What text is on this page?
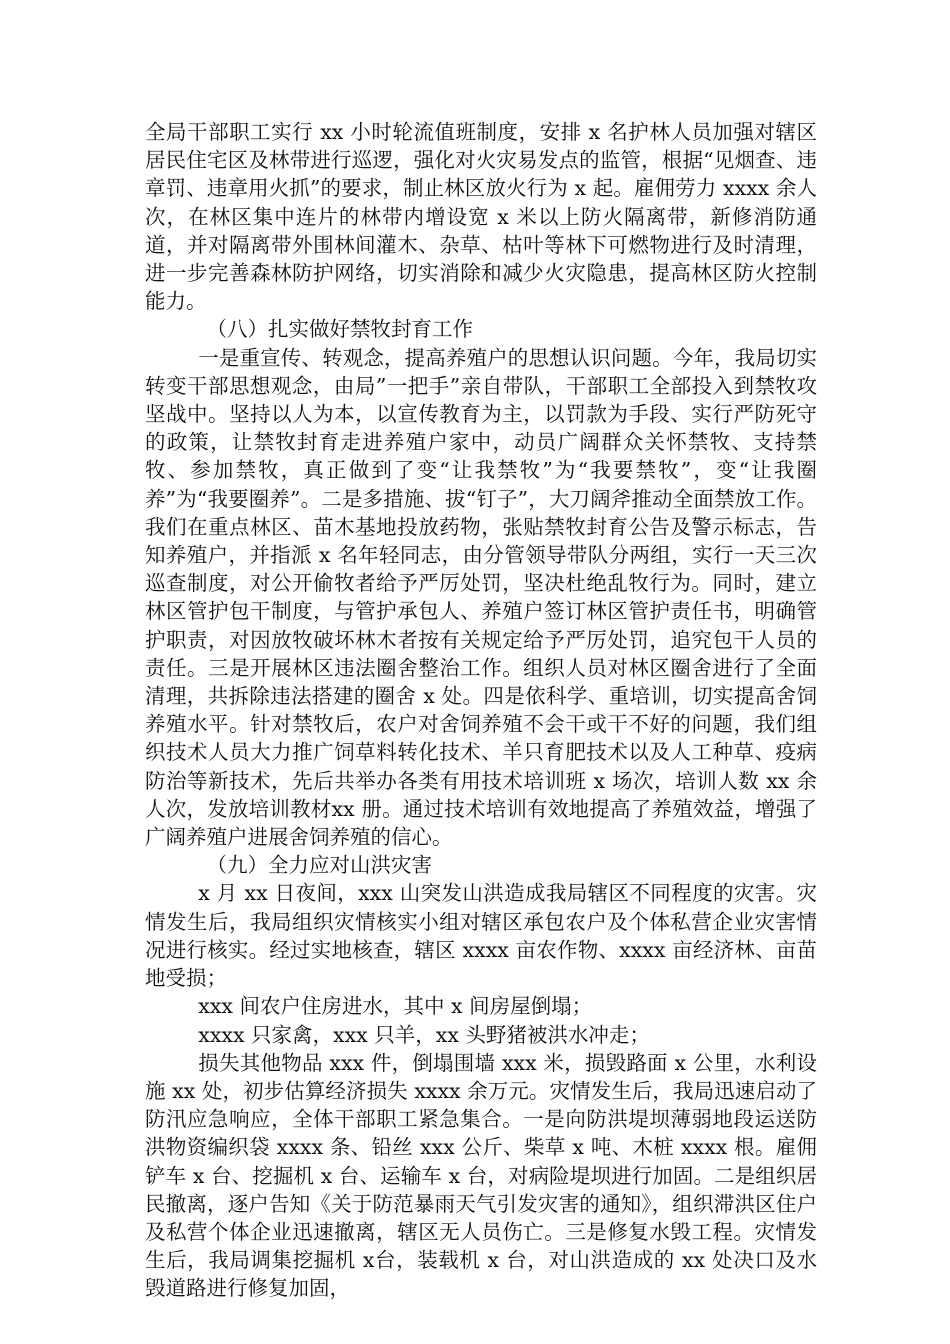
全局干部职工实行 xx 小时轮流值班制度，安排 x 名护林人员加强对辖区居民住宅区及林带进行巡逻，强化对火灾易发点的监管，根据“见烟查、违章罚、违章用火抓”的要求，制止林区放火行为 x 起。雇佣劳力 xxxx 余人次，在林区集中连片的林带内增设宽 x 米以上防火隔离带，新修消防通道，并对隔离带外围林间灌木、杂草、枯叶等林下可燃物进行及时清理，进一步完善森林防护网络，切实消除和减少火灾隐患，提高林区防火控制能力。

（八）扎实做好禁牧封育工作

一是重宣传、转观念，提高养殖户的思想认识问题。今年，我局切实转变干部思想观念，由局”一把手”亲自带队，干部职工全部投入到禁牧攻坚战中。坚持以人为本，以宣传教育为主，以罚款为手段、实行严防死守的政策，让禁牧封育走进养殖户家中，动员广阔群众关怀禁牧、支持禁牧、参加禁牧，真正做到了变“让我禁牧”为“我要禁牧”，变“让我圈养”为“我要圈养”。二是多措施、拔“钉子”，大刀阔斧推动全面禁放工作。我们在重点林区、苗木基地投放药物，张贴禁牧封育公告及警示标志，告知养殖户，并指派 x 名年轻同志，由分管领导带队分两组，实行一天三次巡查制度，对公开偷牧者给予严厉处罚，坚决杜绝乱牧行为。同时，建立林区管护包干制度，与管护承包人、养殖户签订林区管护责任书，明确管护职责，对因放牧破坏林木者按有关规定给予严厉处罚，追究包干人员的责任。三是开展林区违法圈舍整治工作。组织人员对林区圈舍进行了全面清理，共拆除违法搭建的圈舍 x 处。四是依科学、重培训，切实提高舍饲养殖水平。针对禁牧后，农户对舍饲养殖不会干或干不好的问题，我们组织技术人员大力推广饲草料转化技术、羊只育肥技术以及人工种草、疫病防治等新技术，先后共举办各类有用技术培训班 x 场次，培训人数 xx 余人次，发放培训教材xx 册。通过技术培训有效地提高了养殖效益，增强了广阔养殖户进展舍饲养殖的信心。

（九）全力应对山洪灾害

x 月 xx 日夜间，xxx 山突发山洪造成我局辖区不同程度的灾害。灾情发生后，我局组织灾情核实小组对辖区承包农户及个体私营企业灾害情况进行核实。经过实地核查，辖区 xxxx 亩农作物、xxxx 亩经济林、亩苗地受损；

xxx 间农户住房进水，其中 x 间房屋倒塌；

xxxx 只家禽，xxx 只羊，xx 头野猪被洪水冲走；

损失其他物品 xxx 件，倒塌围墙 xxx 米，损毁路面 x 公里，水利设施 xx 处，初步估算经济损失 xxxx 余万元。灾情发生后，我局迅速启动了防汛应急响应，全体干部职工紧急集合。一是向防洪堤坝薄弱地段运送防洪物资编织袋 xxxx 条、铅丝 xxx 公斤、柴草 x 吨、木桩 xxxx 根。雇佣铲车 x 台、挖掘机 x 台、运输车 x 台，对病险堤坝进行加固。二是组织居民撤离，逐户告知《关于防范暴雨天气引发灾害的通知》，组织滞洪区住户及私营个体企业迅速撤离，辖区无人员伤亡。三是修复水毁工程。灾情发生后，我局调集挖掘机 x台，装载机 x 台，对山洪造成的 xx 处决口及水毁道路进行修复加固，
